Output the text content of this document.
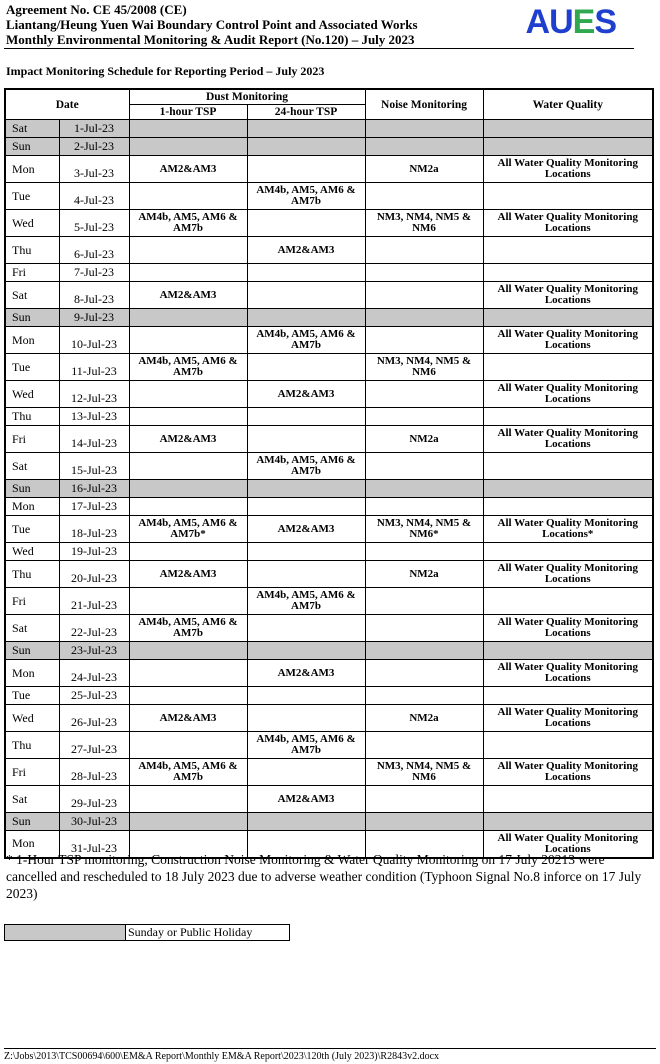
Agreement No. CE 45/2008 (CE)
Liantang/Heung Yuen Wai Boundary Control Point and Associated Works
Monthly Environmental Monitoring & Audit Report (No.120) – July 2023	AUES
Impact Monitoring Schedule for Reporting Period – July 2023
Date		Dust Monitoring		Noise Monitoring	Water Quality
		1-hour TSP	24-hour TSP		
Sat	1-Jul-23				
Sun	2-Jul-23				
Mon	3-Jul-23	AM2&AM3		NM2a	All Water Quality Monitoring Locations
Tue	4-Jul-23		AM4b, AM5, AM6 & AM7b		
Wed	5-Jul-23	AM4b, AM5, AM6 & AM7b		NM3, NM4, NM5 & NM6	All Water Quality Monitoring Locations
Thu	6-Jul-23		AM2&AM3		
Fri	7-Jul-23				
Sat	8-Jul-23	AM2&AM3			All Water Quality Monitoring Locations
Sun	9-Jul-23				
Mon	10-Jul-23		AM4b, AM5, AM6 & AM7b		All Water Quality Monitoring Locations
Tue	11-Jul-23	AM4b, AM5, AM6 & AM7b		NM3, NM4, NM5 & NM6	
Wed	12-Jul-23		AM2&AM3		All Water Quality Monitoring Locations
Thu	13-Jul-23				
Fri	14-Jul-23	AM2&AM3		NM2a	All Water Quality Monitoring Locations
Sat	15-Jul-23		AM4b, AM5, AM6 & AM7b		
Sun	16-Jul-23				
Mon	17-Jul-23				
Tue	18-Jul-23	AM4b, AM5, AM6 & AM7b*	AM2&AM3	NM3, NM4, NM5 & NM6*	All Water Quality Monitoring Locations*
Wed	19-Jul-23				
Thu	20-Jul-23	AM2&AM3		NM2a	All Water Quality Monitoring Locations
Fri	21-Jul-23		AM4b, AM5, AM6 & AM7b		
Sat	22-Jul-23	AM4b, AM5, AM6 & AM7b			All Water Quality Monitoring Locations
Sun	23-Jul-23				
Mon	24-Jul-23		AM2&AM3		All Water Quality Monitoring Locations
Tue	25-Jul-23				
Wed	26-Jul-23	AM2&AM3		NM2a	All Water Quality Monitoring Locations
Thu	27-Jul-23		AM4b, AM5, AM6 & AM7b		
Fri	28-Jul-23	AM4b, AM5, AM6 & AM7b		NM3, NM4, NM5 & NM6	All Water Quality Monitoring Locations
Sat	29-Jul-23		AM2&AM3		
Sun	30-Jul-23				
Mon	31-Jul-23				All Water Quality Monitoring Locations
* 1-Hour TSP monitoring, Construction Noise Monitoring & Water Quality Monitoring on 17 July 20213 were cancelled and rescheduled to 18 July 2023 due to adverse weather condition (Typhoon Signal No.8 inforce on 17 July 2023)
Sunday or Public Holiday
Z:\Jobs\2013\TCS00694\600\EM&A Report\Monthly EM&A Report\2023\120th (July 2023)\R2843v2.docx
